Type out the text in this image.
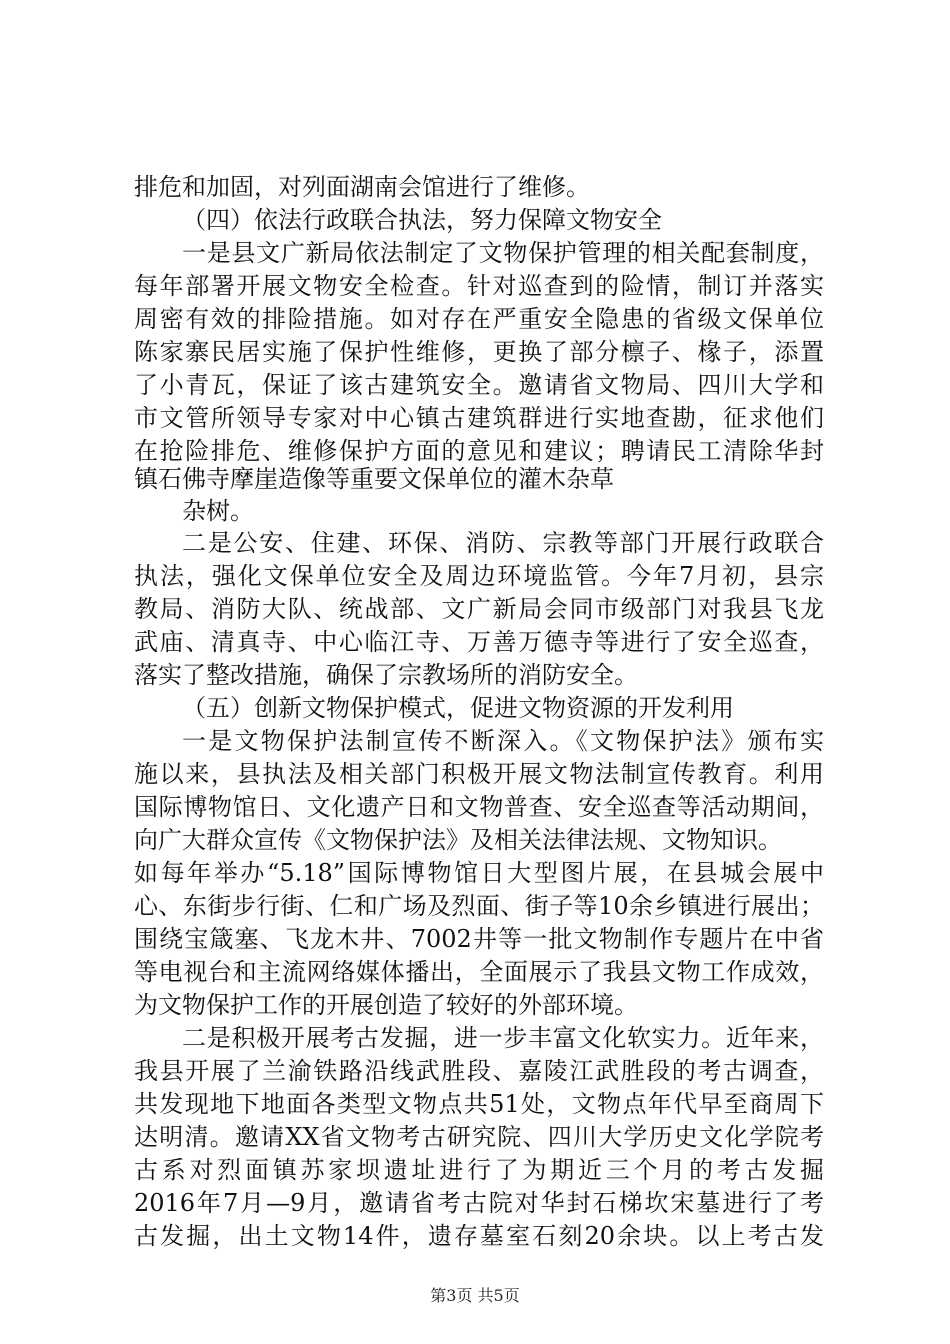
排危和加固，对列面湖南会馆进行了维修。
（四）依法行政联合执法，努力保障文物安全
一是县文广新局依法制定了文物保护管理的相关配套制度，
每年部署开展文物安全检查。针对巡查到的险情，制订并落实
周密有效的排险措施。如对存在严重安全隐患的省级文保单位
陈家寨民居实施了保护性维修，更换了部分檩子、椽子，添置
了小青瓦，保证了该古建筑安全。邀请省文物局、四川大学和
市文管所领导专家对中心镇古建筑群进行实地查勘，征求他们
在抢险排危、维修保护方面的意见和建议；聘请民工清除华封
镇石佛寺摩崖造像等重要文保单位的灌木杂草
杂树。
二是公安、住建、环保、消防、宗教等部门开展行政联合
执法，强化文保单位安全及周边环境监管。今年7月初，县宗
教局、消防大队、统战部、文广新局会同市级部门对我县飞龙
武庙、清真寺、中心临江寺、万善万德寺等进行了安全巡查，
落实了整改措施，确保了宗教场所的消防安全。
（五）创新文物保护模式，促进文物资源的开发利用
一是文物保护法制宣传不断深入。《文物保护法》颁布实
施以来，县执法及相关部门积极开展文物法制宣传教育。利用
国际博物馆日、文化遗产日和文物普查、安全巡查等活动期间，
向广大群众宣传《文物保护法》及相关法律法规、文物知识。
如每年举办“5.18”国际博物馆日大型图片展，在县城会展中
心、东街步行街、仁和广场及烈面、街子等10余乡镇进行展出；
围绕宝箴塞、飞龙木井、7002井等一批文物制作专题片在中省
等电视台和主流网络媒体播出，全面展示了我县文物工作成效，
为文物保护工作的开展创造了较好的外部环境。
二是积极开展考古发掘，进一步丰富文化软实力。近年来，
我县开展了兰渝铁路沿线武胜段、嘉陵江武胜段的考古调查，
共发现地下地面各类型文物点共51处，文物点年代早至商周下
达明清。邀请XX省文物考古研究院、四川大学历史文化学院考
古系对烈面镇苏家坝遗址进行了为期近三个月的考古发掘
2016年7月—9月，邀请省考古院对华封石梯坎宋墓进行了考
古发掘，出土文物14件，遗存墓室石刻20余块。以上考古发
第3页 共5页
